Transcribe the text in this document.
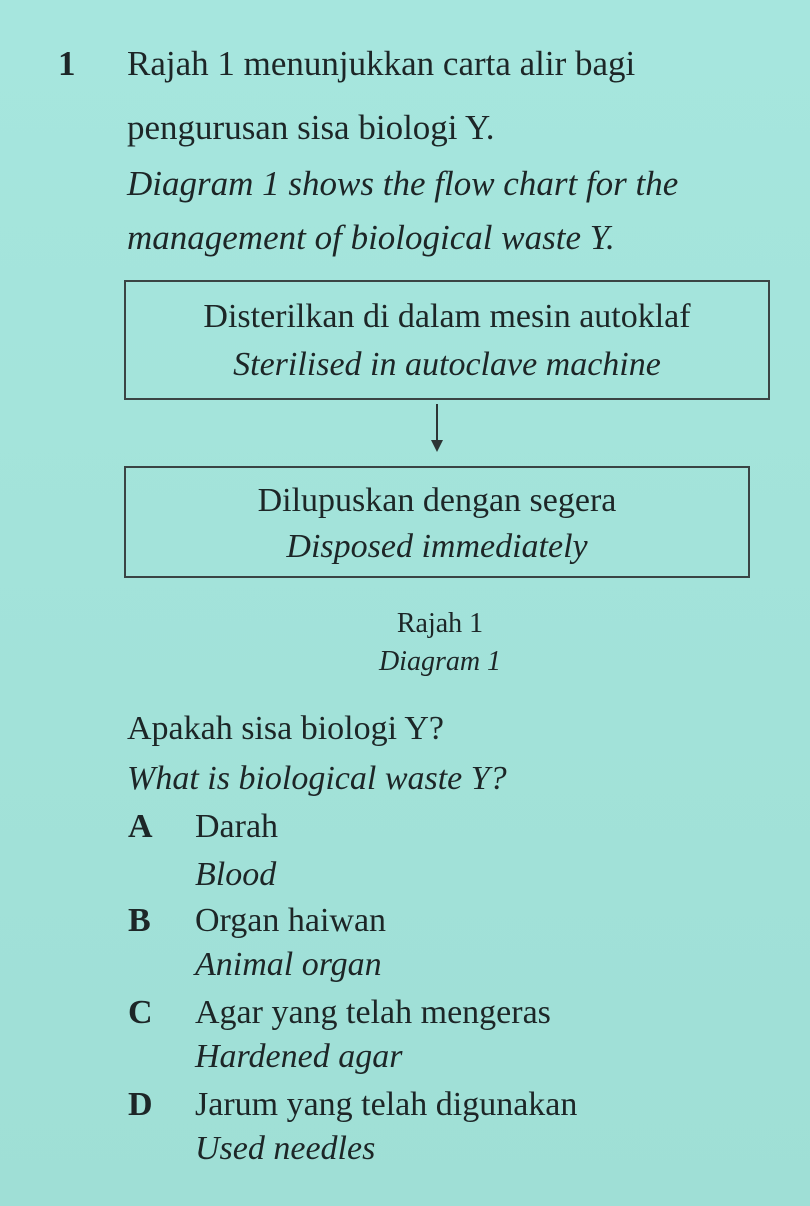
1 Rajah 1 menunjukkan carta alir bagi
pengurusan sisa biologi Y.
Diagram 1 shows the flow chart for the
management of biological waste Y.
Disterilkan di dalam mesin autoklaf
Sterilised in autoclave machine
Dilupuskan dengan segera
Disposed immediately
Rajah 1
Diagram 1
Apakah sisa biologi Y?
What is biological waste Y?
A Darah
Blood
B Organ haiwan
Animal organ
C Agar yang telah mengeras
Hardened agar
D Jarum yang telah digunakan
Used needles
